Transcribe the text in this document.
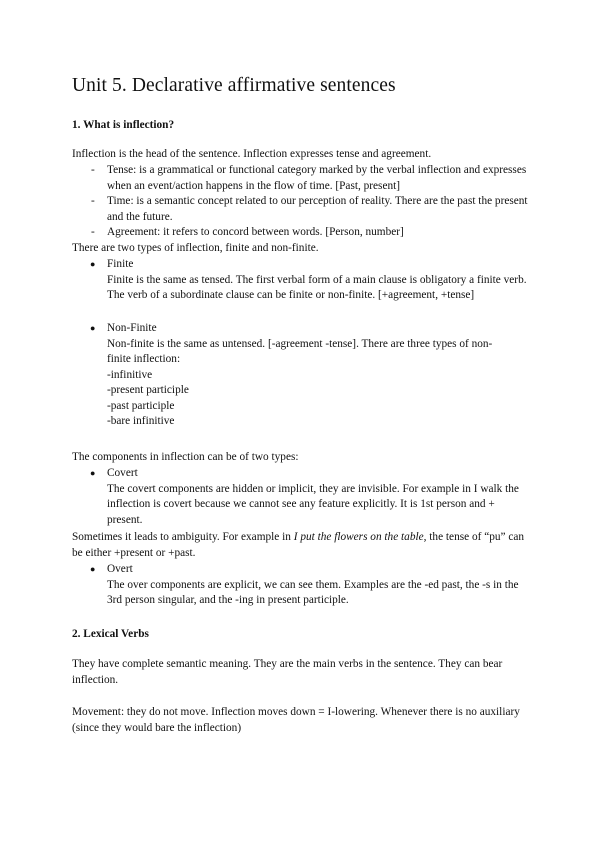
Unit 5. Declarative affirmative sentences
1. What is inflection?

Inflection is the head of the sentence. Inflection expresses tense and agreement.

- Tense: is a grammatical or functional category marked by the verbal inflection and expresses when an event/action happens in the flow of time. [Past, present]
- Time: is a semantic concept related to our perception of reality. There are the past the present and the future.
- Agreement: it refers to concord between words. [Person, number]

There are two types of inflection, finite and non-finite.

● Finite
Finite is the same as tensed. The first verbal form of a main clause is obligatory a finite verb. The verb of a subordinate clause can be finite or non-finite. [+agreement, +tense]
● Non-Finite
Non-finite is the same as untensed. [-agreement -tense]. There are three types of non-finite inflection:
-infinitive
-present participle
-past participle
-bare infinitive

The components in inflection can be of two types:

● Covert
The covert components are hidden or implicit, they are invisible. For example in I walk the inflection is covert because we cannot see any feature explicitly. It is 1st person and + present.

Sometimes it leads to ambiguity. For example in I put the flowers on the table, the tense of “pu” can be either +present or +past.

● Overt
The over components are explicit, we can see them. Examples are the -ed past, the -s in the 3rd person singular, and the -ing in present participle.
2. Lexical Verbs

They have complete semantic meaning. They are the main verbs in the sentence. They can bear inflection.

Movement: they do not move. Inflection moves down = I-lowering. Whenever there is no auxiliary (since they would bare the inflection)
